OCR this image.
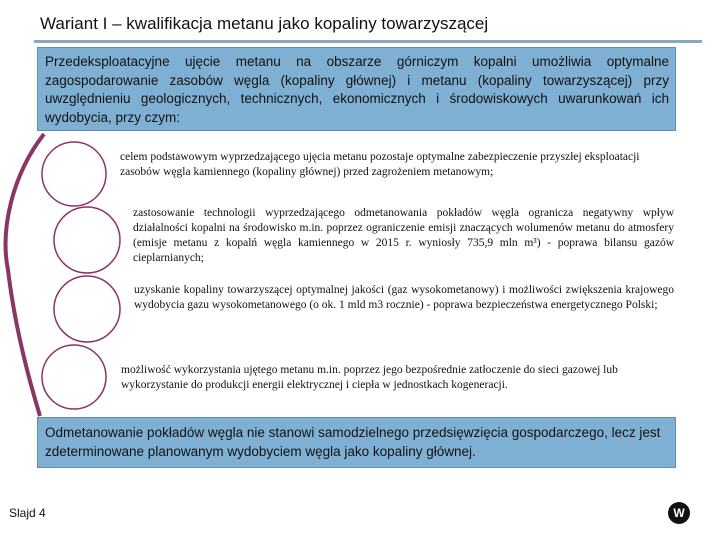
Wariant I – kwalifikacja metanu jako kopaliny towarzyszącej
Przedeksploatacyjne ujęcie metanu na obszarze górniczym kopalni umożliwia optymalne zagospodarowanie zasobów węgla (kopaliny głównej) i metanu (kopaliny towarzyszącej) przy uwzględnieniu geologicznych, technicznych, ekonomicznych i środowiskowych uwarunkowań ich wydobycia, przy czym:
celem podstawowym wyprzedzającego ujęcia metanu pozostaje optymalne zabezpieczenie przyszłej eksploatacji zasobów węgla kamiennego (kopaliny głównej) przed zagrożeniem metanowym;
zastosowanie technologii wyprzedzającego odmetanowania pokładów węgla ogranicza negatywny wpływ działalności kopalni na środowisko m.in. poprzez ograniczenie emisji znaczących wolumenów metanu do atmosfery (emisje metanu z kopalń węgla kamiennego w 2015 r. wyniosły 735,9 mln m³) - poprawa bilansu gazów cieplarnianych;
uzyskanie kopaliny towarzyszącej optymalnej jakości (gaz wysokometanowy) i możliwości zwiększenia krajowego wydobycia gazu wysokometanowego (o ok. 1 mld m3 rocznie) - poprawa bezpieczeństwa energetycznego Polski;
możliwość wykorzystania ujętego metanu m.in. poprzez jego bezpośrednie zatłoczenie do sieci gazowej lub wykorzystanie do produkcji energii elektrycznej i ciepła w jednostkach kogeneracji.
Odmetanowanie pokładów węgla nie stanowi samodzielnego przedsięwzięcia gospodarczego, lecz jest zdeterminowane planowanym wydobyciem węgla jako kopaliny głównej.
Slajd 4	W
